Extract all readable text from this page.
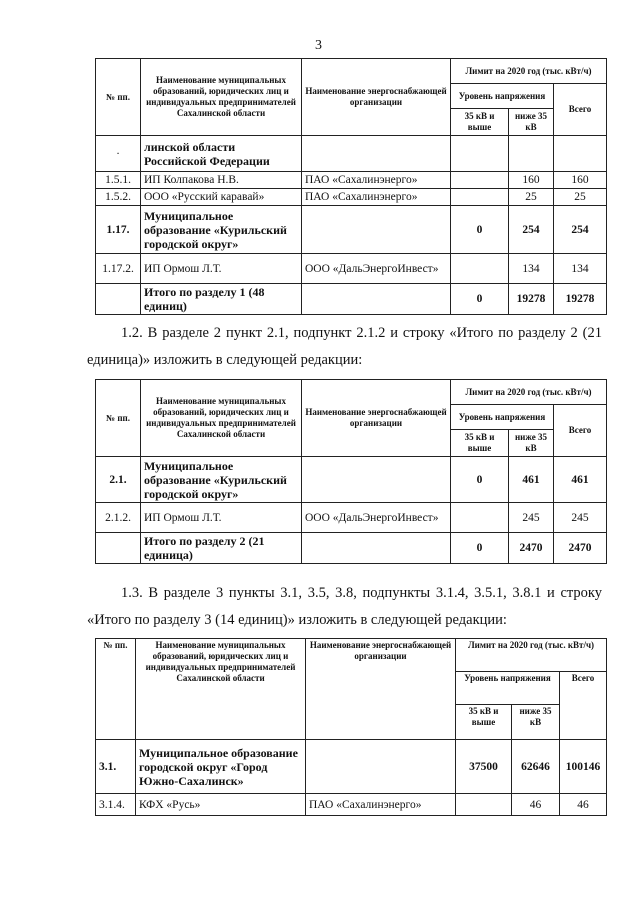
3
№ пп.	Наименование муниципальных образований, юридических лиц и индивидуальных предпринимателей Сахалинской области	Наименование энергоснабжающей организации	Лимит на 2020 год (тыс. кВт/ч)		
			Уровень напряжения		Всего
			35 кВ и выше	ниже 35 кВ	
·	линской области Российской Федерации				
1.5.1.	ИП Колпакова Н.В.	ПАО «Сахалинэнерго»		160	160
1.5.2.	ООО «Русский каравай»	ПАО «Сахалинэнерго»		25	25
1.17.	Муниципальное образование «Курильский городской округ»		0	254	254
1.17.2.	ИП Ормош Л.Т.	ООО «ДальЭнергоИнвест»		134	134
	Итого по разделу 1 (48 единиц)		0	19278	19278
1.2. В разделе 2 пункт 2.1, подпункт 2.1.2 и строку «Итого по разделу 2 (21 единица)» изложить в следующей редакции:
№ пп.	Наименование муниципальных образований, юридических лиц и индивидуальных предпринимателей Сахалинской области	Наименование энергоснабжающей организации	Лимит на 2020 год (тыс. кВт/ч)		
			Уровень напряжения		Всего
			35 кВ и выше	ниже 35 кВ	
2.1.	Муниципальное образование «Курильский городской округ»		0	461	461
2.1.2.	ИП Ормош Л.Т.	ООО «ДальЭнергоИнвест»		245	245
	Итого по разделу 2 (21 единица)		0	2470	2470
1.3. В разделе 3 пункты 3.1, 3.5, 3.8, подпункты 3.1.4, 3.5.1, 3.8.1 и строку «Итого по разделу 3 (14 единиц)» изложить в следующей редакции:
№ пп.	Наименование муниципальных образований, юридических лиц и индивидуальных предпринимателей Сахалинской области	Наименование энергоснабжающей организации	Лимит на 2020 год (тыс. кВт/ч)		
			Уровень напряжения		Всего
			35 кВ и выше	ниже 35 кВ	
3.1.	Муниципальное образование городской округ «Город Южно-Сахалинск»		37500	62646	100146
3.1.4.	КФХ «Русь»	ПАО «Сахалинэнерго»		46	46
